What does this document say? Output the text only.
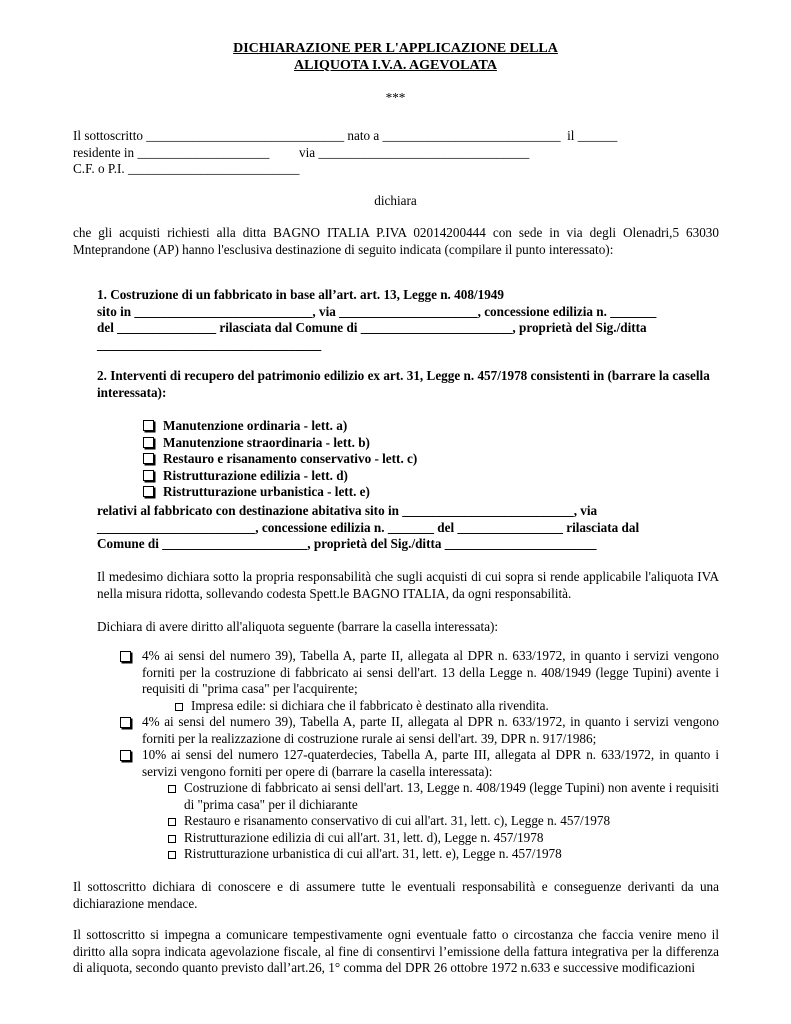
DICHIARAZIONE PER L'APPLICAZIONE DELLA
ALIQUOTA I.V.A. AGEVOLATA
***
Il sottoscritto ______________________________ nato a ___________________________  il ______
residente in ____________________         via ________________________________
C.F. o P.I. __________________________
dichiara
che gli acquisti richiesti alla ditta BAGNO ITALIA P.IVA 02014200444 con sede in via degli Olenadri,5 63030 Mnteprandone (AP) hanno l'esclusiva destinazione di seguito indicata (compilare il punto interessato):
1. Costruzione di un fabbricato in base all’art. art. 13, Legge n. 408/1949
sito in ___________________________, via _____________________, concessione edilizia n. _______
del _______________ rilasciata dal Comune di _______________________, proprietà del Sig./ditta
__________________________________
2. Interventi di recupero del patrimonio edilizio ex art. 31, Legge n. 457/1978 consistenti in (barrare la casella interessata):
Manutenzione ordinaria - lett. a)
Manutenzione straordinaria - lett. b)
Restauro e risanamento conservativo - lett. c)
Ristrutturazione edilizia - lett. d)
Ristrutturazione urbanistica - lett. e)
relativi al fabbricato con destinazione abitativa sito in __________________________, via
________________________, concessione edilizia n. _______ del ________________ rilasciata dal
Comune di ______________________, proprietà del Sig./ditta _______________________
Il medesimo dichiara sotto la propria responsabilità che sugli acquisti di cui sopra si rende applicabile l'aliquota IVA nella misura ridotta, sollevando codesta Spett.le BAGNO ITALIA, da ogni responsabilità.
Dichiara di avere diritto all'aliquota seguente (barrare la casella interessata):
4% ai sensi del numero 39), Tabella A, parte II, allegata al DPR n. 633/1972, in quanto i servizi vengono forniti per la costruzione di fabbricato ai sensi dell'art. 13 della Legge n. 408/1949 (legge Tupini) avente i requisiti di "prima casa" per l'acquirente;
Impresa edile: si dichiara che il fabbricato è destinato alla rivendita.
4% ai sensi del numero 39), Tabella A, parte II, allegata al DPR n. 633/1972, in quanto i servizi vengono forniti per la realizzazione di costruzione rurale ai sensi dell'art. 39, DPR n. 917/1986;
10% ai sensi del numero 127-quaterdecies, Tabella A, parte III, allegata al DPR n. 633/1972, in quanto i servizi vengono forniti per opere di (barrare la casella interessata):
Costruzione di fabbricato ai sensi dell'art. 13, Legge n. 408/1949 (legge Tupini) non avente i requisiti di "prima casa" per il dichiarante
Restauro e risanamento conservativo di cui all'art. 31, lett. c), Legge n. 457/1978
Ristrutturazione edilizia di cui all'art. 31, lett. d), Legge n. 457/1978
Ristrutturazione urbanistica di cui all'art. 31, lett. e), Legge n. 457/1978
Il sottoscritto dichiara di conoscere e di assumere tutte le eventuali responsabilità e conseguenze derivanti da una dichiarazione mendace.
Il sottoscritto si impegna a comunicare tempestivamente ogni eventuale fatto o circostanza che faccia venire meno il diritto alla sopra indicata agevolazione fiscale, al fine di consentirvi l’emissione della fattura integrativa per la differenza di aliquota, secondo quanto previsto dall’art.26, 1° comma del DPR 26 ottobre 1972 n.633 e successive modificazioni
